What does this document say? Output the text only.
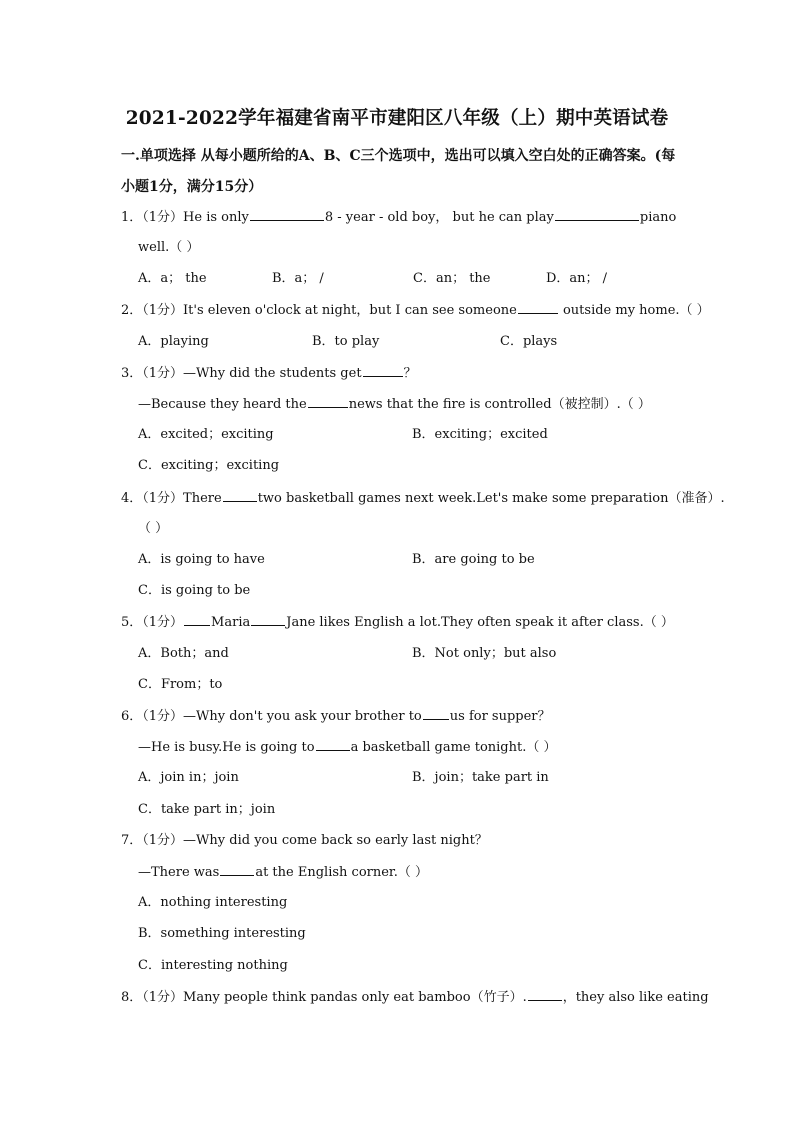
2021-2022学年福建省南平市建阳区八年级（上）期中英语试卷
一.单项选择 从每小题所给的A、B、C三个选项中，选出可以填入空白处的正确答案。(每
小题1分，满分15分）
1．（1分）He is only	8 - year - old boy， but he can play	piano
well.（ ）
A．a； the	B．a； /	C．an； the	D．an； /
2．（1分）It's eleven o'clock at night，but I can see someone	outside my home.（ ）
A．playing	B．to play	C．plays
3．（1分）—Why did the students get	？
—Because they heard the	news that the fire is controlled（被控制）.（ ）
A．excited；exciting	B．exciting；excited
C．exciting；exciting
4．（1分）There	two basketball games next week.Let's make some preparation（准备）.
（ ）
A．is going to have	B．are going to be
C．is going to be
5．（1分） Maria	Jane likes English a lot.They often speak it after class.（ ）
A．Both；and	B．Not only；but also
C．From；to
6．（1分）—Why don't you ask your brother to us for supper？
—He is busy.He is going to	a basketball game tonight.（ ）
A．join in；join	B．join；take part in
C．take part in；join
7．（1分）—Why did you come back so early last night？
—There was	at the English corner.（ ）
A．nothing interesting
B．something interesting
C．interesting nothing
8．（1分）Many people think pandas only eat bamboo（竹子）.	，they also like eating
